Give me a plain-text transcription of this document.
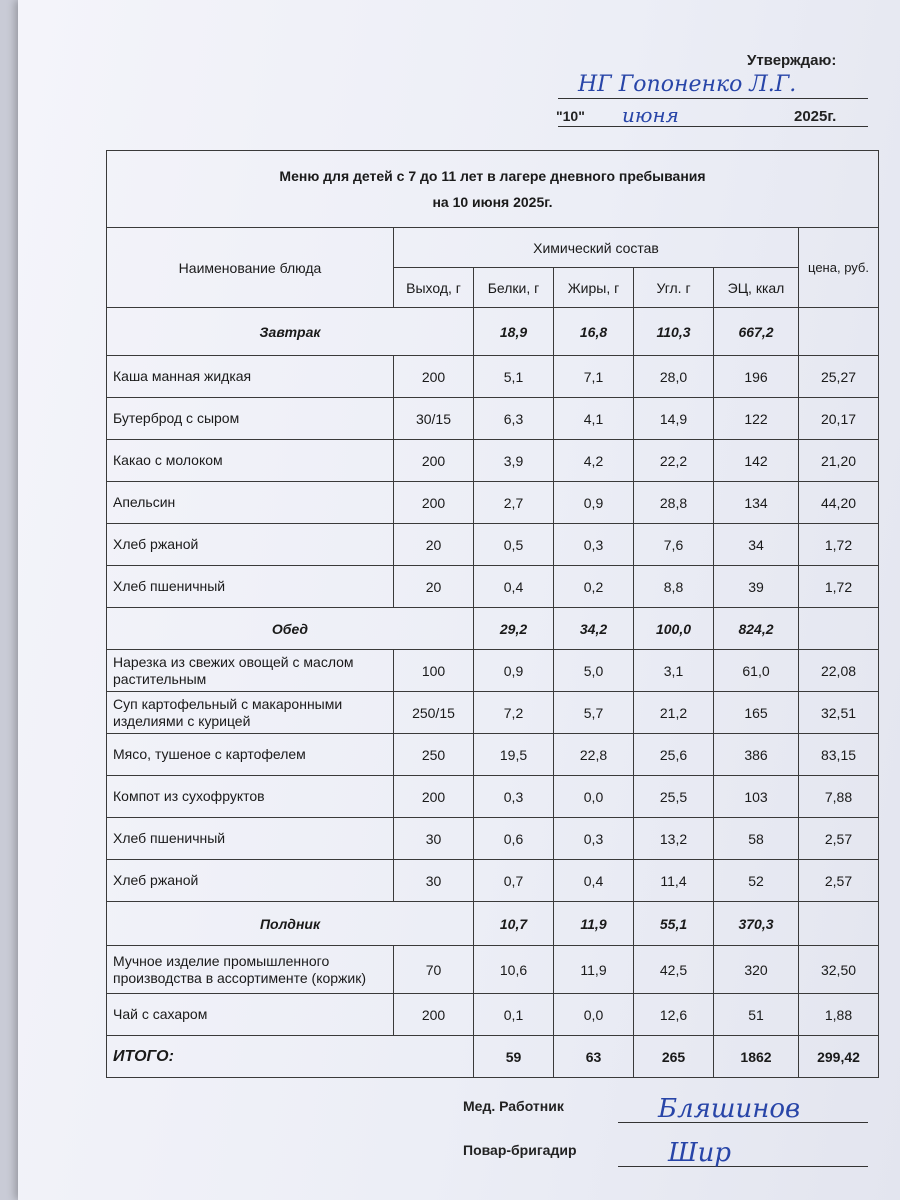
Утверждаю:
НГ Гопоненко Л.Г.
"10" июня	2025г.
Меню для детей с 7 до 11 лет в лагере дневного пребывания
на 10 июня 2025г.						

Наименование блюда	Химический состав					цена, руб.
	Выход, г	Белки, г	Жиры, г	Угл. г	ЭЦ, ккал	
Завтрак		18,9	16,8	110,3	667,2	
Каша манная жидкая	200	5,1	7,1	28,0	196	25,27
Бутерброд с сыром	30/15	6,3	4,1	14,9	122	20,17
Какао с молоком	200	3,9	4,2	22,2	142	21,20
Апельсин	200	2,7	0,9	28,8	134	44,20
Хлеб ржаной	20	0,5	0,3	7,6	34	1,72
Хлеб пшеничный	20	0,4	0,2	8,8	39	1,72
Обед		29,2	34,2	100,0	824,2	
Нарезка из свежих овощей с маслом растительным	100	0,9	5,0	3,1	61,0	22,08
Суп картофельный с макаронными изделиями с курицей	250/15	7,2	5,7	21,2	165	32,51
Мясо, тушеное с картофелем	250	19,5	22,8	25,6	386	83,15
Компот из сухофруктов	200	0,3	0,0	25,5	103	7,88
Хлеб пшеничный	30	0,6	0,3	13,2	58	2,57
Хлеб ржаной	30	0,7	0,4	11,4	52	2,57
Полдник		10,7	11,9	55,1	370,3	
Мучное изделие промышленного производства в ассортименте (коржик)	70	10,6	11,9	42,5	320	32,50
Чай с сахаром	200	0,1	0,0	12,6	51	1,88
ИТОГО:		59	63	265	1862	299,42
Мед. Работник	Бляшинов
Повар-бригадир	Шир
